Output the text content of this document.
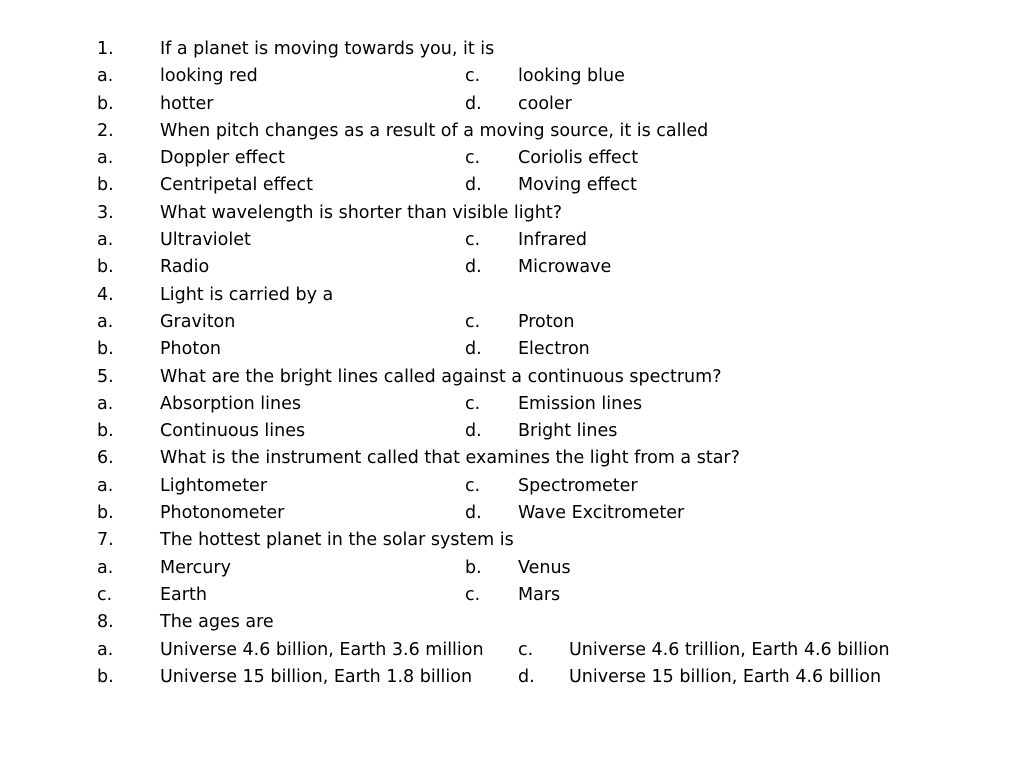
1.	If a planet is moving towards you, it is
a.	looking red	c. looking blue
b.	hotter	d. cooler
2.	When pitch changes as a result of a moving source, it is called
a.	Doppler effect	c. Coriolis effect
b.	Centripetal effect	d. Moving effect
3.	What wavelength is shorter than visible light?
a.	Ultraviolet	c. Infrared
b.	Radio	d. Microwave
4.	Light is carried by a
a.	Graviton	c. Proton
b.	Photon	d. Electron
5.	What are the bright lines called against a continuous spectrum?
a.	Absorption lines	c. Emission lines
b.	Continuous lines	d. Bright lines
6.	What is the instrument called that examines the light from a star?
a.	Lightometer	c. Spectrometer
b.	Photonometer	d. Wave Excitrometer
7.	The hottest planet in the solar system is
a.	Mercury	b. Venus
c.	Earth	c. Mars
8.	The ages are
a.	Universe 4.6 billion, Earth 3.6 million c. Universe 4.6 trillion, Earth 4.6 billion
b.	Universe 15 billion, Earth 1.8 billion	d. Universe 15 billion, Earth 4.6 billion
